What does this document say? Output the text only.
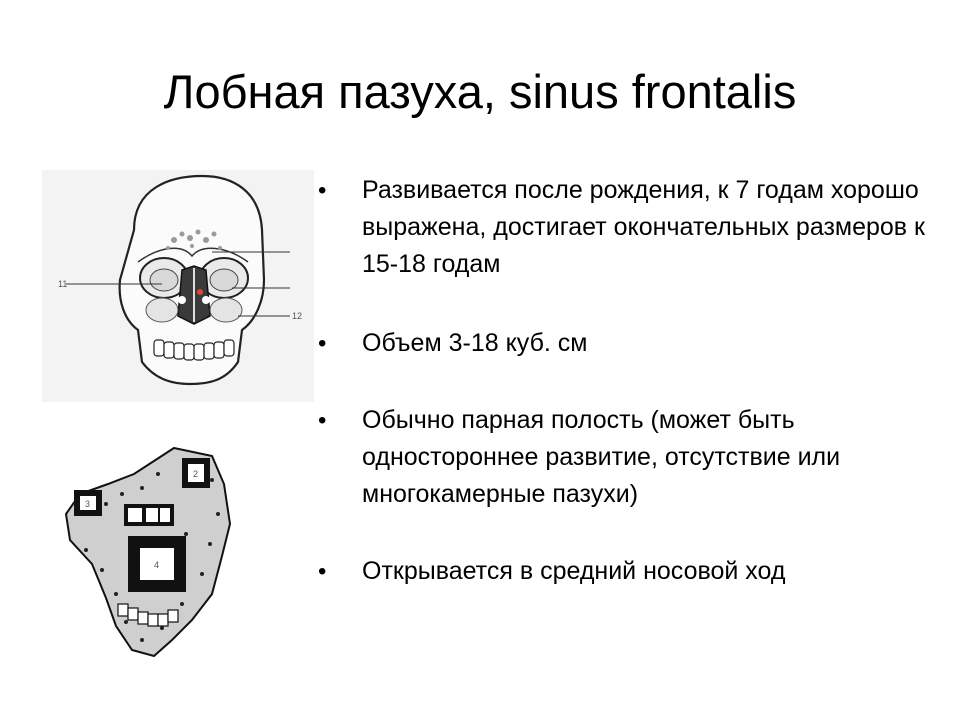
Лобная пазуха, sinus frontalis
11
12
2
3
4
• Развивается после рождения, к 7 годам хорошо выражена, достигает окончательных размеров к 15-18 годам
• Объем 3-18 куб. см
• Обычно парная полость (может быть одностороннее развитие, отсутствие или многокамерные пазухи)
• Открывается в средний носовой ход
